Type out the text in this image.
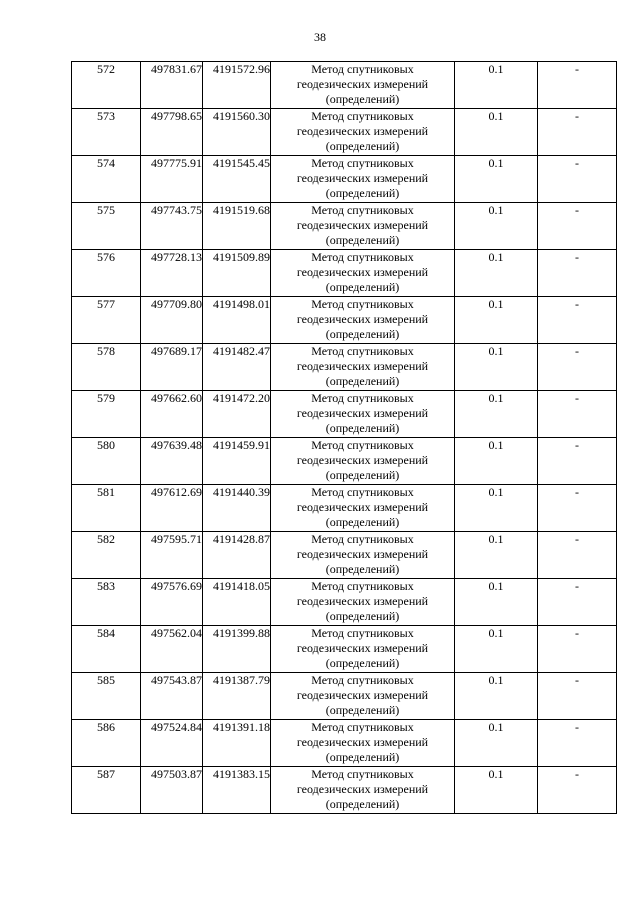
38
572	497831.67	4191572.96	Метод спутниковых
геодезических измерений
(определений)	0.1	-
573	497798.65	4191560.30	Метод спутниковых
геодезических измерений
(определений)	0.1	-
574	497775.91	4191545.45	Метод спутниковых
геодезических измерений
(определений)	0.1	-
575	497743.75	4191519.68	Метод спутниковых
геодезических измерений
(определений)	0.1	-
576	497728.13	4191509.89	Метод спутниковых
геодезических измерений
(определений)	0.1	-
577	497709.80	4191498.01	Метод спутниковых
геодезических измерений
(определений)	0.1	-
578	497689.17	4191482.47	Метод спутниковых
геодезических измерений
(определений)	0.1	-
579	497662.60	4191472.20	Метод спутниковых
геодезических измерений
(определений)	0.1	-
580	497639.48	4191459.91	Метод спутниковых
геодезических измерений
(определений)	0.1	-
581	497612.69	4191440.39	Метод спутниковых
геодезических измерений
(определений)	0.1	-
582	497595.71	4191428.87	Метод спутниковых
геодезических измерений
(определений)	0.1	-
583	497576.69	4191418.05	Метод спутниковых
геодезических измерений
(определений)	0.1	-
584	497562.04	4191399.88	Метод спутниковых
геодезических измерений
(определений)	0.1	-
585	497543.87	4191387.79	Метод спутниковых
геодезических измерений
(определений)	0.1	-
586	497524.84	4191391.18	Метод спутниковых
геодезических измерений
(определений)	0.1	-
587	497503.87	4191383.15	Метод спутниковых
геодезических измерений
(определений)	0.1	-
